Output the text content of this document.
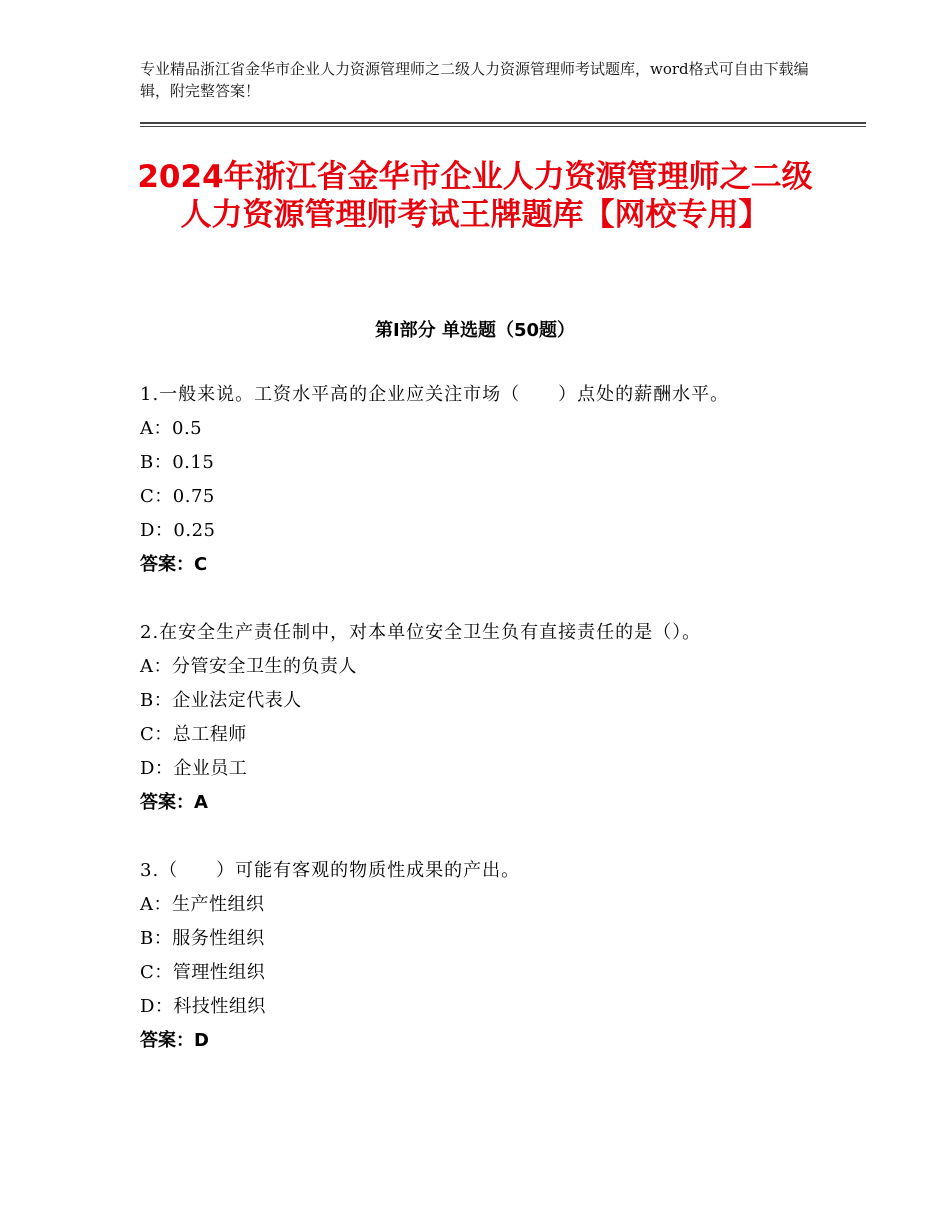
专业精品浙江省金华市企业人力资源管理师之二级人力资源管理师考试题库，word格式可自由下载编辑，附完整答案！
2024年浙江省金华市企业人力资源管理师之二级人力资源管理师考试王牌题库【网校专用】
第Ⅰ部分 单选题（50题）
1.一般来说。工资水平高的企业应关注市场（　　）点处的薪酬水平。
A：0.5
B：0.15
C：0.75
D：0.25
答案：C
2.在安全生产责任制中，对本单位安全卫生负有直接责任的是（）。
A：分管安全卫生的负责人
B：企业法定代表人
C：总工程师
D：企业员工
答案：A
3.（　　）可能有客观的物质性成果的产出。
A：生产性组织
B：服务性组织
C：管理性组织
D：科技性组织
答案：D
